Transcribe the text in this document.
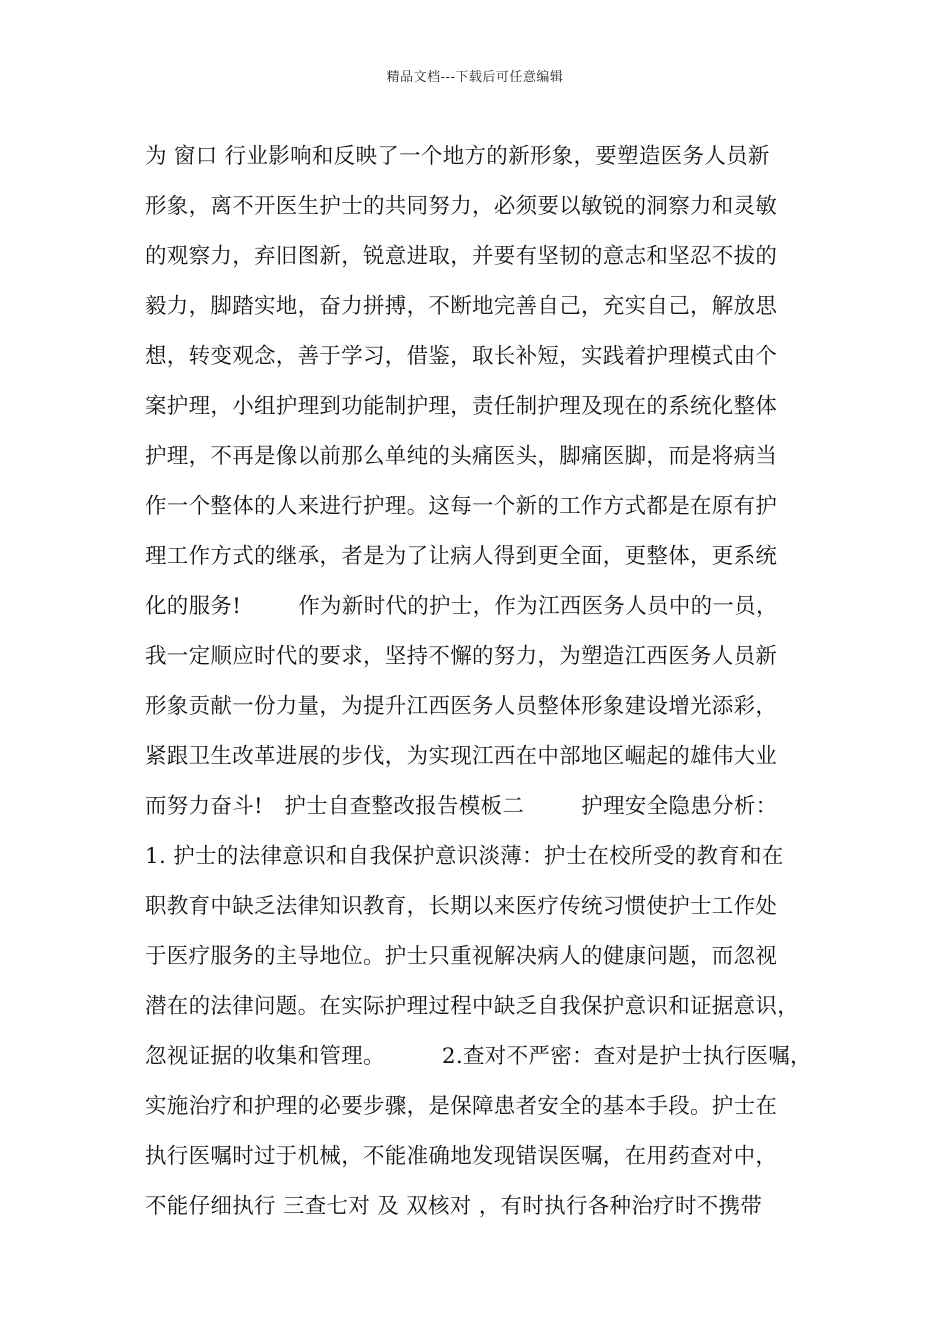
精品文档---下载后可任意编辑
为 窗口 行业影响和反映了一个地方的新形象，要塑造医务人员新
形象，离不开医生护士的共同努力，必须要以敏锐的洞察力和灵敏
的观察力，弃旧图新，锐意进取，并要有坚韧的意志和坚忍不拔的
毅力，脚踏实地，奋力拼搏，不断地完善自己，充实自己，解放思
想，转变观念，善于学习，借鉴，取长补短，实践着护理模式由个
案护理，小组护理到功能制护理，责任制护理及现在的系统化整体
护理，不再是像以前那么单纯的头痛医头，脚痛医脚，而是将病当
作一个整体的人来进行护理。这每一个新的工作方式都是在原有护
理工作方式的继承，者是为了让病人得到更全面，更整体，更系统
化的服务!        作为新时代的护士，作为江西医务人员中的一员，
我一定顺应时代的要求，坚持不懈的努力，为塑造江西医务人员新
形象贡献一份力量，为提升江西医务人员整体形象建设增光添彩，
紧跟卫生改革进展的步伐，为实现江西在中部地区崛起的雄伟大业
而努力奋斗!   护士自查整改报告模板二        护理安全隐患分析：
1. 护士的法律意识和自我保护意识淡薄：护士在校所受的教育和在
职教育中缺乏法律知识教育，长期以来医疗传统习惯使护士工作处
于医疗服务的主导地位。护士只重视解决病人的健康问题，而忽视
潜在的法律问题。在实际护理过程中缺乏自我保护意识和证据意识，
忽视证据的收集和管理。        2.查对不严密：查对是护士执行医嘱，
实施治疗和护理的必要步骤，是保障患者安全的基本手段。护士在
执行医嘱时过于机械，不能准确地发现错误医嘱，在用药查对中，
不能仔细执行 三查七对 及 双核对 ，有时执行各种治疗时不携带
